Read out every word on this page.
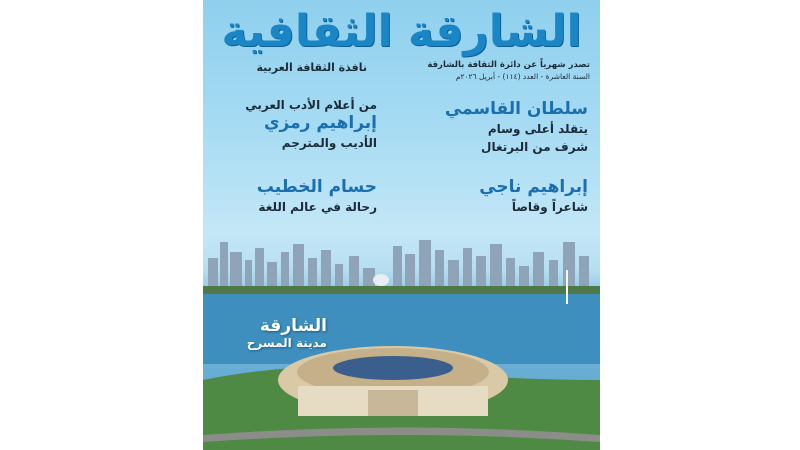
الشارقة الثقافية
نافذة الثقافة العربية	تصدر شهرياً عن دائرة الثقافة بالشارقة
السنة العاشرة - العدد (١١٤) - أبريل ٢٠٢٦م
سلطان القاسمي
يتقلد أعلى وسام
شرف من البرتغال
من أعلام الأدب العربي
إبراهيم رمزي
الأديب والمترجم
إبراهيم ناجي
شاعراً وقاصاً
حسام الخطيب
رحالة في عالم اللغة
الشارقة
مدينة المسرح
